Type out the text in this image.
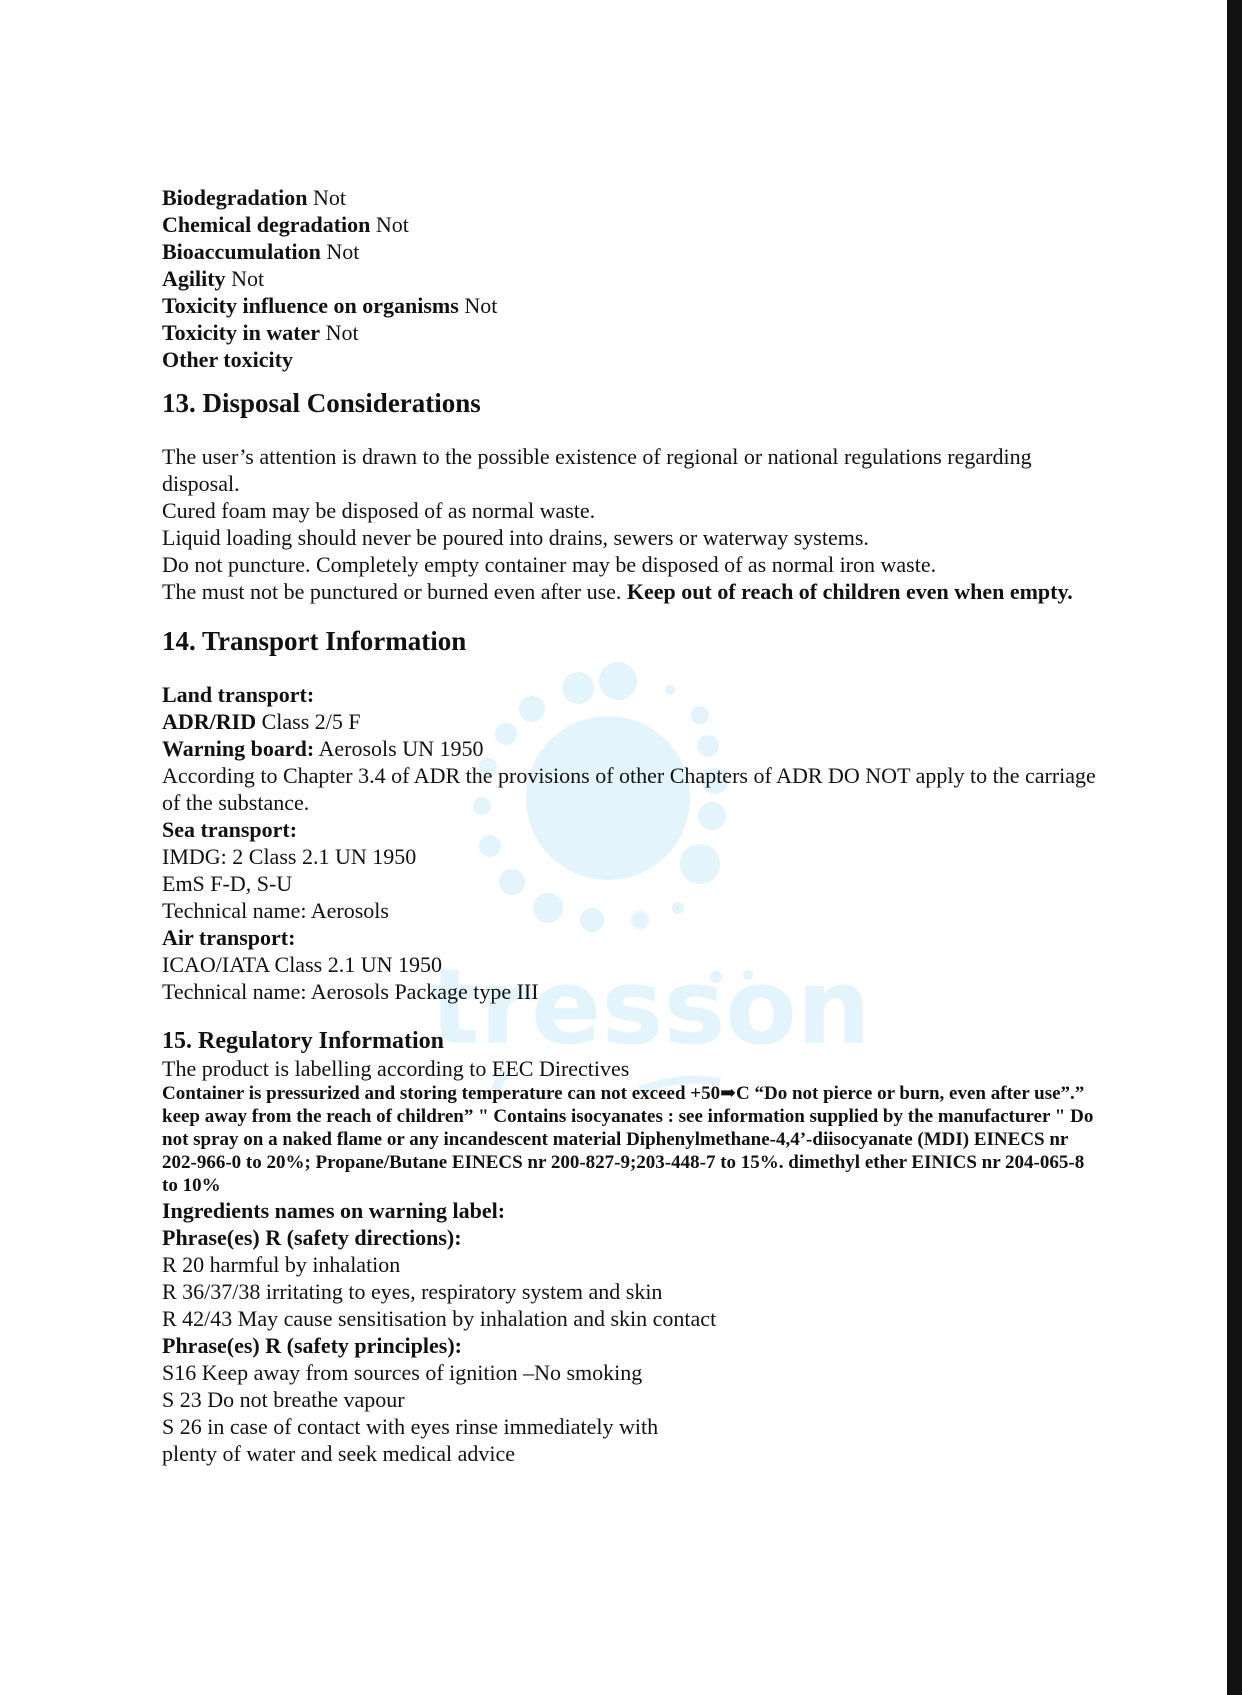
tresson
Biodegradation Not
Chemical degradation Not
Bioaccumulation Not
Agility Not
Toxicity influence on organisms Not
Toxicity in water Not
Other toxicity
13. Disposal Considerations

The user’s attention is drawn to the possible existence of regional or national regulations regarding disposal.

Cured foam may be disposed of as normal waste.

Liquid loading should never be poured into drains, sewers or waterway systems.

Do not puncture. Completely empty container may be disposed of as normal iron waste.

The must not be punctured or burned even after use. Keep out of reach of children even when empty.

14. Transport Information
Land transport:
ADR/RID Class 2/5 F
Warning board: Aerosols UN 1950

According to Chapter 3.4 of ADR the provisions of other Chapters of ADR DO NOT apply to the carriage of the substance.

Sea transport:
IMDG: 2 Class 2.1 UN 1950
EmS F-D, S-U
Technical name: Aerosols
Air transport:
ICAO/IATA Class 2.1 UN 1950
Technical name: Aerosols Package type III
15. Regulatory Information
The product is labelling according to EEC Directives

Container is pressurized and storing temperature can not exceed +50➡C “Do not pierce or burn, even after use”.” keep away from the reach of children” " Contains isocyanates : see information supplied by the manufacturer " Do not spray on a naked flame or any incandescent material Diphenylmethane-4,4’-diisocyanate (MDI) EINECS nr 202-966-0 to 20%; Propane/Butane EINECS nr 200-827-9;203-448-7 to 15%. dimethyl ether EINICS nr 204-065-8 to 10%

Ingredients names on warning label:
Phrase(es) R (safety directions):
R 20 harmful by inhalation
R 36/37/38 irritating to eyes, respiratory system and skin
R 42/43 May cause sensitisation by inhalation and skin contact
Phrase(es) R (safety principles):
S16 Keep away from sources of ignition –No smoking
S 23 Do not breathe vapour
S 26 in case of contact with eyes rinse immediately with
plenty of water and seek medical advice
